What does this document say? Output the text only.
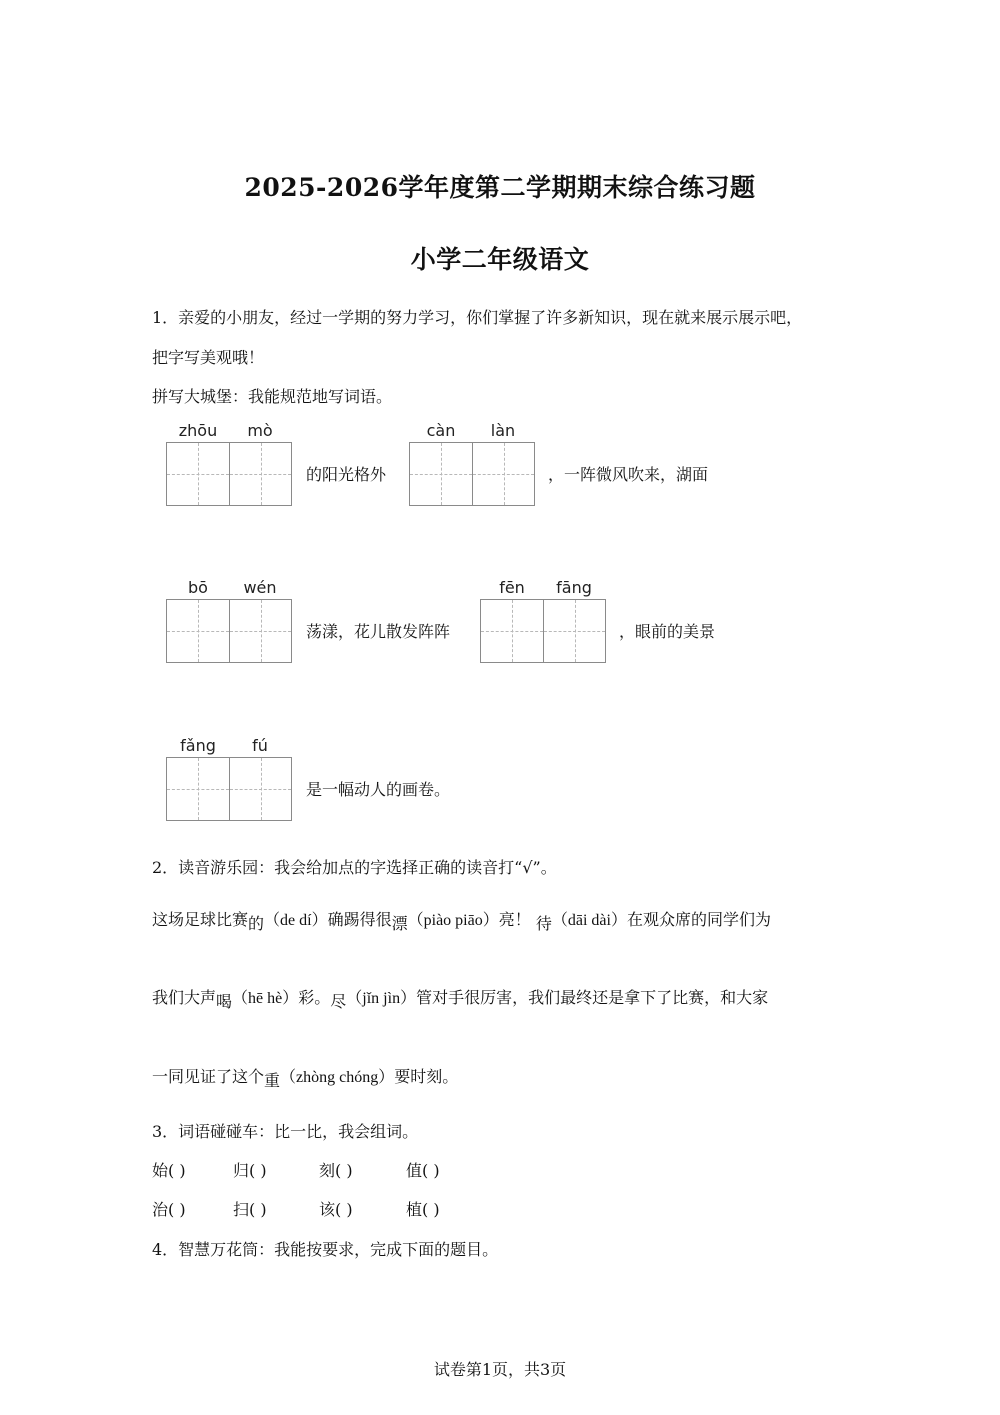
2025-2026学年度第二学期期末综合练习题
小学二年级语文
1．亲爱的小朋友，经过一学期的努力学习，你们掌握了许多新知识，现在就来展示展示吧，
把字写美观哦！
拼写大城堡：我能规范地写词语。
zhōu	mò
的阳光格外
càn	làn
，一阵微风吹来，湖面
bō	wén
荡漾，花儿散发阵阵
fēn	fāng
，眼前的美景
fǎng	fú
是一幅动人的画卷。
2．读音游乐园：我会给加点的字选择正确的读音打“√”。
这场足球比赛的（de dí）确踢得很漂（piào piāo）亮！ 待（dāi dài）在观众席的同学们为
我们大声喝（hē hè）彩。尽（jǐn jìn）管对手很厉害，我们最终还是拿下了比赛，和大家
一同见证了这个重（zhòng chóng）要时刻。
3．词语碰碰车：比一比，我会组词。
始( )	归( )	刻( )	值( )
治( )	扫( )	该( )	植( )
4．智慧万花筒：我能按要求，完成下面的题目。
试卷第1页，共3页
